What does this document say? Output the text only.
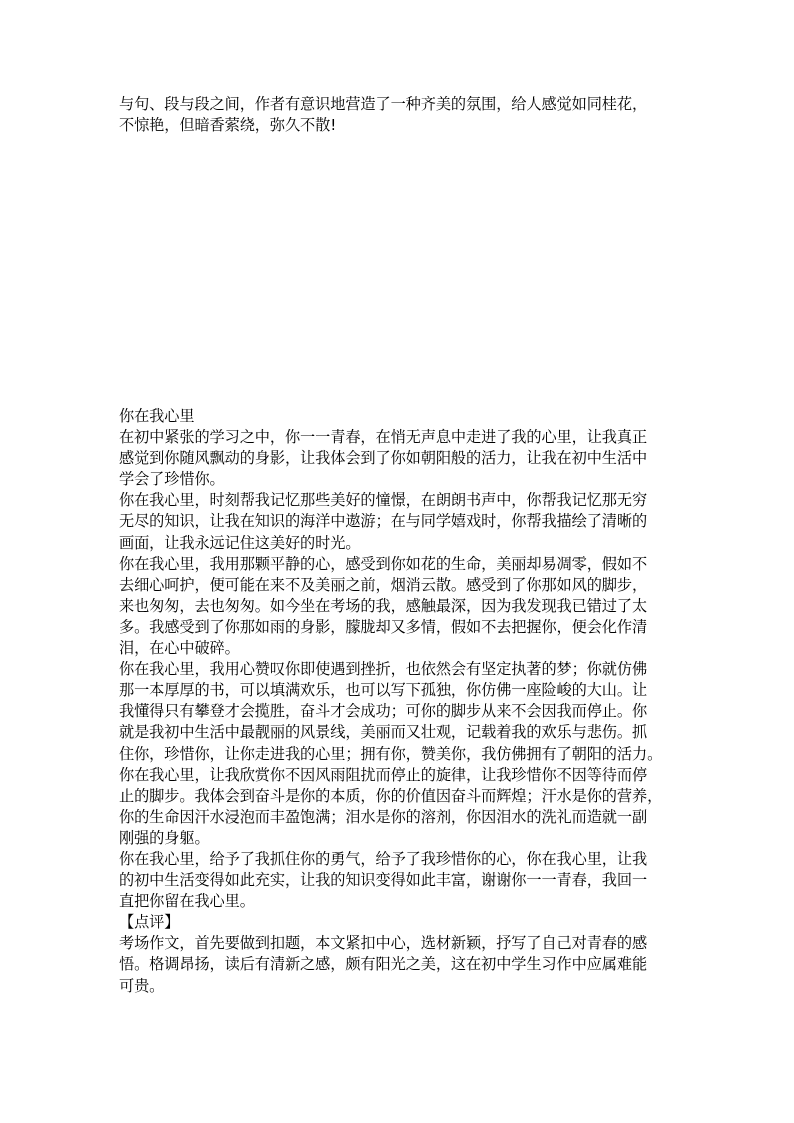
与句、段与段之间，作者有意识地营造了一种齐美的氛围，给人感觉如同桂花，
不惊艳，但暗香萦绕，弥久不散!
你在我心里
在初中紧张的学习之中，你一一青春，在悄无声息中走进了我的心里，让我真正
感觉到你随风飘动的身影，让我体会到了你如朝阳般的活力，让我在初中生活中
学会了珍惜你。
你在我心里，时刻帮我记忆那些美好的憧憬，在朗朗书声中，你帮我记忆那无穷
无尽的知识，让我在知识的海洋中遨游；在与同学嬉戏时，你帮我描绘了清晰的
画面，让我永远记住这美好的时光。
你在我心里，我用那颗平静的心，感受到你如花的生命，美丽却易凋零，假如不
去细心呵护，便可能在来不及美丽之前，烟消云散。感受到了你那如风的脚步，
来也匆匆，去也匆匆。如今坐在考场的我，感触最深，因为我发现我已错过了太
多。我感受到了你那如雨的身影，朦胧却又多情，假如不去把握你，便会化作清
泪，在心中破碎。
你在我心里，我用心赞叹你即使遇到挫折，也依然会有坚定执著的梦；你就仿佛
那一本厚厚的书，可以填满欢乐，也可以写下孤独，你仿佛一座险峻的大山。让
我懂得只有攀登才会揽胜，奋斗才会成功；可你的脚步从来不会因我而停止。你
就是我初中生活中最靓丽的风景线，美丽而又壮观，记载着我的欢乐与悲伤。抓
住你，珍惜你，让你走进我的心里；拥有你，赞美你，我仿佛拥有了朝阳的活力。
你在我心里，让我欣赏你不因风雨阻扰而停止的旋律，让我珍惜你不因等待而停
止的脚步。我体会到奋斗是你的本质，你的价值因奋斗而辉煌；汗水是你的营养，
你的生命因汗水浸泡而丰盈饱满；泪水是你的溶剂，你因泪水的洗礼而造就一副
刚强的身躯。
你在我心里，给予了我抓住你的勇气，给予了我珍惜你的心，你在我心里，让我
的初中生活变得如此充实，让我的知识变得如此丰富，谢谢你一一青春，我回一
直把你留在我心里。
【点评】
考场作文，首先要做到扣题，本文紧扣中心，选材新颖，抒写了自己对青春的感
悟。格调昂扬，读后有清新之感，颇有阳光之美，这在初中学生习作中应属难能
可贵。
